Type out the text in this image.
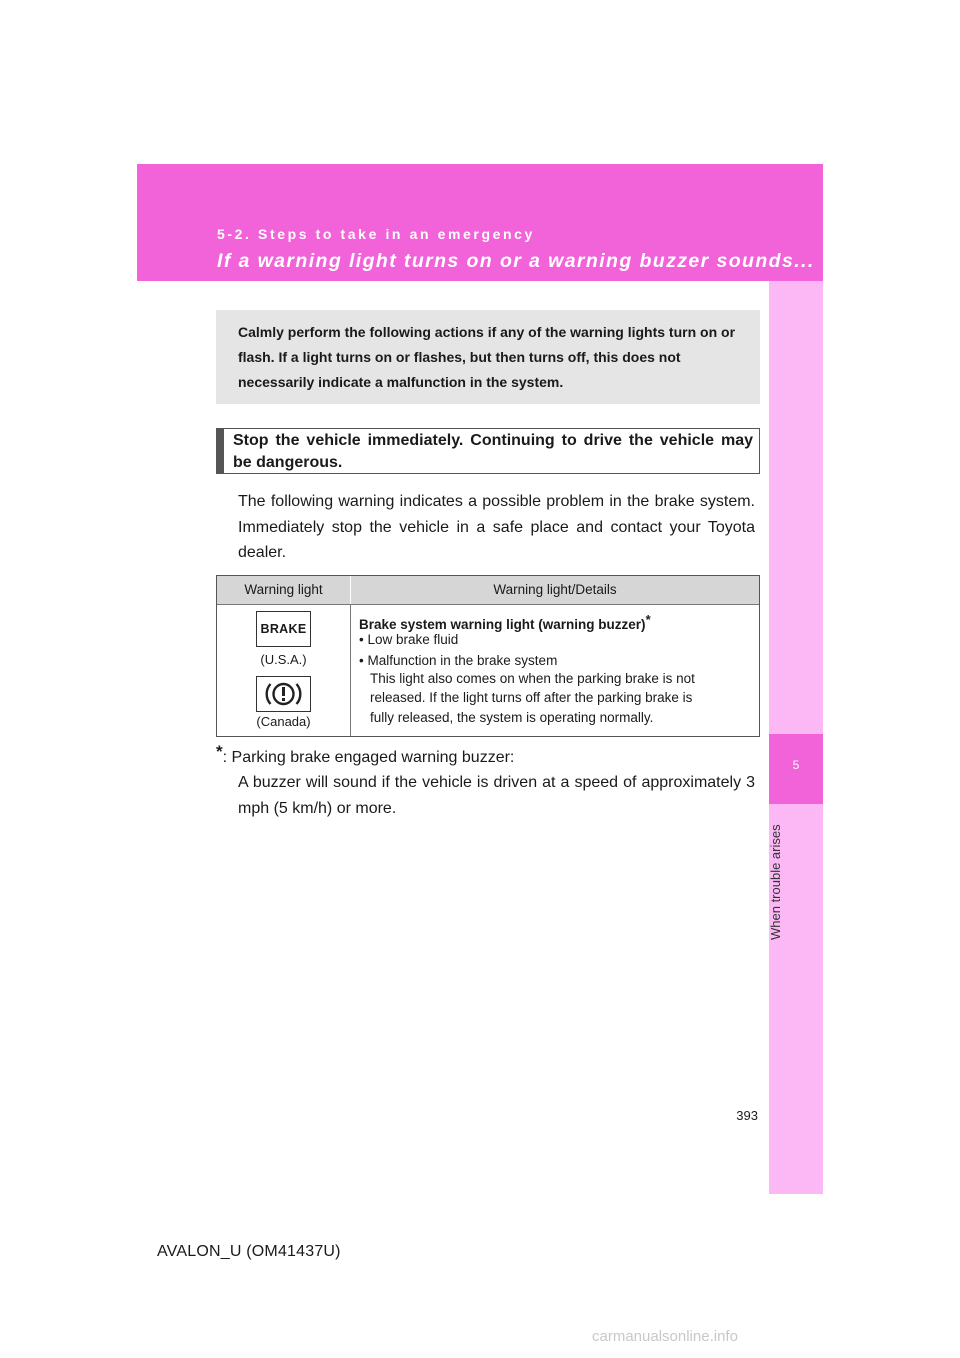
5-2. Steps to take in an emergency
If a warning light turns on or a warning buzzer sounds...
5
When trouble arises
Calmly perform the following actions if any of the warning lights turn on or flash. If a light turns on or flashes, but then turns off, this does not necessarily indicate a malfunction in the system.
Stop the vehicle immediately. Continuing to drive the vehicle may be dangerous.
The following warning indicates a possible problem in the brake system. Immediately stop the vehicle in a safe place and contact your Toyota dealer.
Warning light	Warning light/Details
BRAKE
(U.S.A.)
(Canada)
Brake system warning light (warning buzzer)*
• Low brake fluid
• Malfunction in the brake system
This light also comes on when the parking brake is not
released. If the light turns off after the parking brake is
fully released, the system is operating normally.
*: Parking brake engaged warning buzzer:
A buzzer will sound if the vehicle is driven at a speed of approximately 3 mph (5 km/h) or more.
393
AVALON_U (OM41437U)
carmanualsonline.info
